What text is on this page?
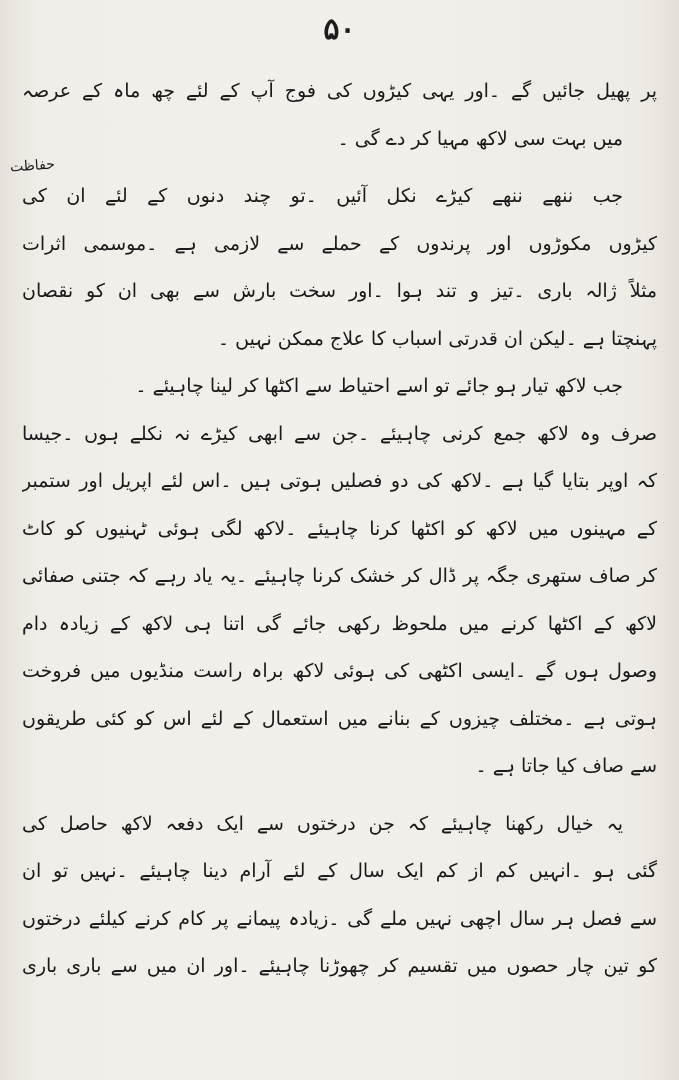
۵۰
حفاظت
پر پھیل جائیں گے ۔اور یہی کیڑوں کی فوج آپ کے لئے چھ ماہ کے عرصہ
میں بہت سی لاکھ مہیا کر دے گی ۔
جب ننھے ننھے کیڑے نکل آئیں ۔تو چند دنوں کے لئے ان کی
کیڑوں مکوڑوں اور پرندوں کے حملے سے لازمی ہے ۔موسمی اثرات
مثلاً ژالہ باری ۔تیز و تند ہوا ۔اور سخت بارش سے بھی ان کو نقصان
پہنچتا ہے ۔لیکن ان قدرتی اسباب کا علاج ممکن نہیں ۔
جب لاکھ تیار ہو جائے تو اسے احتیاط سے اکٹھا کر لینا چاہیئے ۔
صرف وہ لاکھ جمع کرنی چاہیئے ۔جن سے ابھی کیڑے نہ نکلے ہوں ۔جیسا
کہ اوپر بتایا گیا ہے ۔لاکھ کی دو فصلیں ہوتی ہیں ۔اس لئے اپریل اور ستمبر
کے مہینوں میں لاکھ کو اکٹھا کرنا چاہیئے ۔لاکھ لگی ہوئی ٹہنیوں کو کاٹ
کر صاف ستھری جگہ پر ڈال کر خشک کرنا چاہیئے ۔یہ یاد رہے کہ جتنی صفائی
لاکھ کے اکٹھا کرنے میں ملحوظ رکھی جائے گی اتنا ہی لاکھ کے زیادہ دام
وصول ہوں گے ۔ایسی اکٹھی کی ہوئی لاکھ براہ راست منڈیوں میں فروخت
ہوتی ہے ۔مختلف چیزوں کے بنانے میں استعمال کے لئے اس کو کئی طریقوں
سے صاف کیا جاتا ہے ۔
یہ خیال رکھنا چاہیئے کہ جن درختوں سے ایک دفعہ لاکھ حاصل کی
گئی ہو ۔انہیں کم از کم ایک سال کے لئے آرام دینا چاہیئے ۔نہیں تو ان
سے فصل ہر سال اچھی نہیں ملے گی ۔زیادہ پیمانے پر کام کرنے کیلئے درختوں
کو تین چار حصوں میں تقسیم کر چھوڑنا چاہیئے ۔اور ان میں سے باری باری
